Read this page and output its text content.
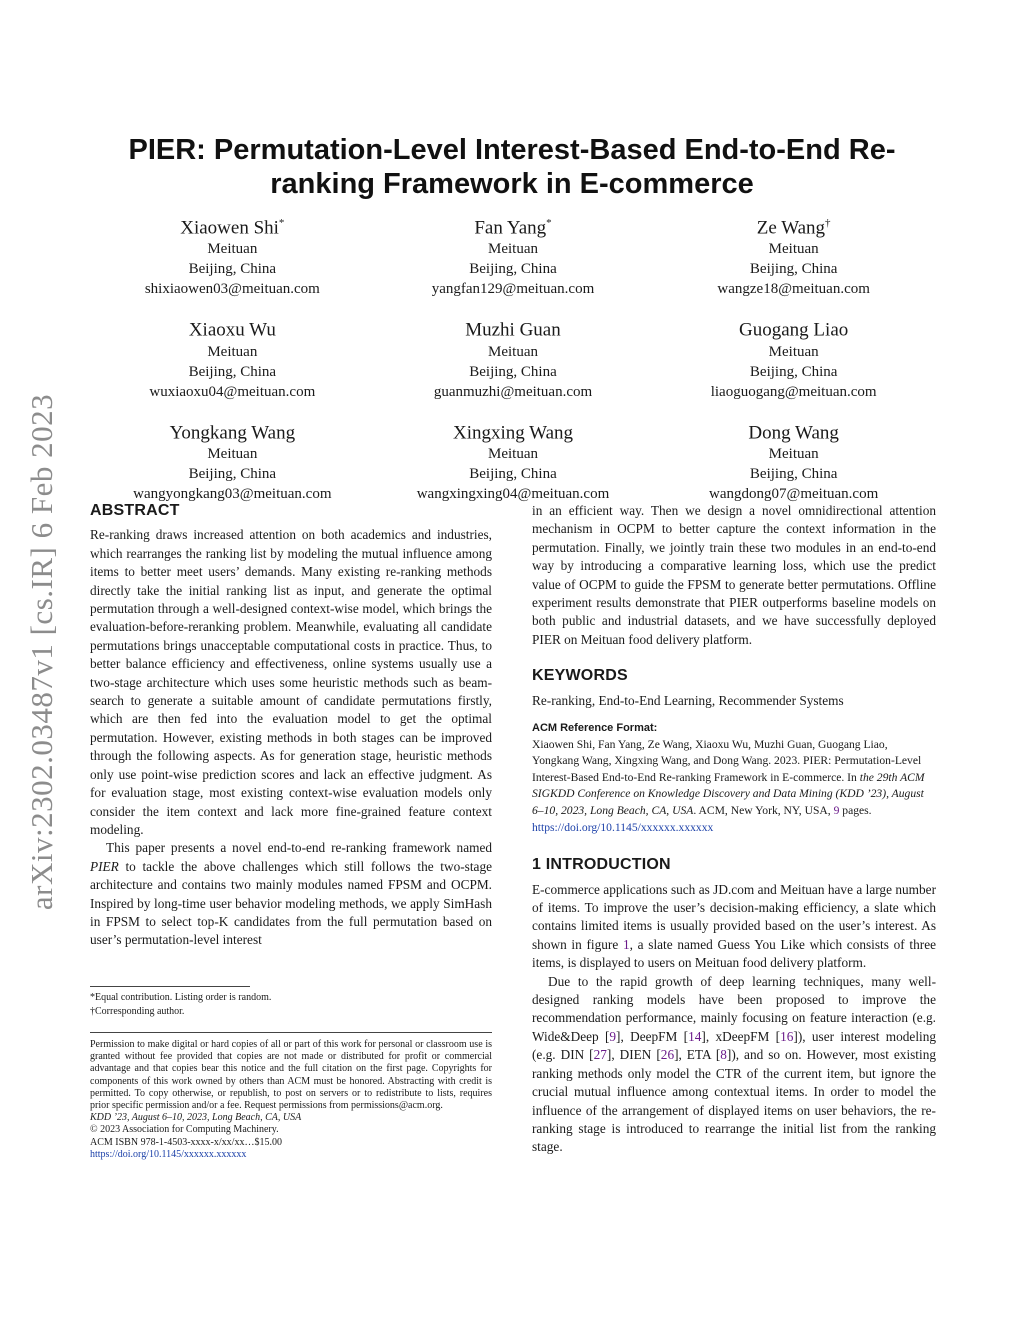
arXiv:2302.03487v1 [cs.IR] 6 Feb 2023
PIER: Permutation-Level Interest-Based End-to-End Re-ranking Framework in E-commerce
Xiaowen Shi*
Meituan
Beijing, China
shixiaowen03@meituan.com
Fan Yang*
Meituan
Beijing, China
yangfan129@meituan.com
Ze Wang†
Meituan
Beijing, China
wangze18@meituan.com
Xiaoxu Wu
Meituan
Beijing, China
wuxiaoxu04@meituan.com
Muzhi Guan
Meituan
Beijing, China
guanmuzhi@meituan.com
Guogang Liao
Meituan
Beijing, China
liaoguogang@meituan.com
Yongkang Wang
Meituan
Beijing, China
wangyongkang03@meituan.com
Xingxing Wang
Meituan
Beijing, China
wangxingxing04@meituan.com
Dong Wang
Meituan
Beijing, China
wangdong07@meituan.com
ABSTRACT

Re-ranking draws increased attention on both academics and industries, which rearranges the ranking list by modeling the mutual influence among items to better meet users’ demands. Many existing re-ranking methods directly take the initial ranking list as input, and generate the optimal permutation through a well-designed context-wise model, which brings the evaluation-before-reranking problem. Meanwhile, evaluating all candidate permutations brings unacceptable computational costs in practice. Thus, to better balance efficiency and effectiveness, online systems usually use a two-stage architecture which uses some heuristic methods such as beam-search to generate a suitable amount of candidate permutations firstly, which are then fed into the evaluation model to get the optimal permutation. However, existing methods in both stages can be improved through the following aspects. As for generation stage, heuristic methods only use point-wise prediction scores and lack an effective judgment. As for evaluation stage, most existing context-wise evaluation models only consider the item context and lack more fine-grained feature context modeling.

This paper presents a novel end-to-end re-ranking framework named PIER to tackle the above challenges which still follows the two-stage architecture and contains two mainly modules named FPSM and OCPM. Inspired by long-time user behavior modeling methods, we apply SimHash in FPSM to select top-K candidates from the full permutation based on user’s permutation-level interest

*Equal contribution. Listing order is random.
†Corresponding author.
Permission to make digital or hard copies of all or part of this work for personal or classroom use is granted without fee provided that copies are not made or distributed for profit or commercial advantage and that copies bear this notice and the full citation on the first page. Copyrights for components of this work owned by others than ACM must be honored. Abstracting with credit is permitted. To copy otherwise, or republish, to post on servers or to redistribute to lists, requires prior specific permission and/or a fee. Request permissions from permissions@acm.org.
KDD ’23, August 6–10, 2023, Long Beach, CA, USA
© 2023 Association for Computing Machinery.
ACM ISBN 978-1-4503-xxxx-x/xx/xx…$15.00
https://doi.org/10.1145/xxxxxx.xxxxxx

in an efficient way. Then we design a novel omnidirectional attention mechanism in OCPM to better capture the context information in the permutation. Finally, we jointly train these two modules in an end-to-end way by introducing a comparative learning loss, which use the predict value of OCPM to guide the FPSM to generate better permutations. Offline experiment results demonstrate that PIER outperforms baseline models on both public and industrial datasets, and we have successfully deployed PIER on Meituan food delivery platform.

KEYWORDS

Re-ranking, End-to-End Learning, Recommender Systems

ACM Reference Format:
Xiaowen Shi, Fan Yang, Ze Wang, Xiaoxu Wu, Muzhi Guan, Guogang Liao, Yongkang Wang, Xingxing Wang, and Dong Wang. 2023. PIER: Permutation-Level Interest-Based End-to-End Re-ranking Framework in E-commerce. In the 29th ACM SIGKDD Conference on Knowledge Discovery and Data Mining (KDD ’23), August 6–10, 2023, Long Beach, CA, USA. ACM, New York, NY, USA, 9 pages. https://doi.org/10.1145/xxxxxx.xxxxxx
1 INTRODUCTION

E-commerce applications such as JD.com and Meituan have a large number of items. To improve the user’s decision-making efficiency, a slate which contains limited items is usually provided based on the user’s interest. As shown in figure 1, a slate named Guess You Like which consists of three items, is displayed to users on Meituan food delivery platform.

Due to the rapid growth of deep learning techniques, many well-designed ranking models have been proposed to improve the recommendation performance, mainly focusing on feature interaction (e.g. Wide&Deep [9], DeepFM [14], xDeepFM [16]), user interest modeling (e.g. DIN [27], DIEN [26], ETA [8]), and so on. However, most existing ranking methods only model the CTR of the current item, but ignore the crucial mutual influence among contextual items. In order to model the influence of the arrangement of displayed items on user behaviors, the re-ranking stage is introduced to rearrange the initial list from the ranking stage.
